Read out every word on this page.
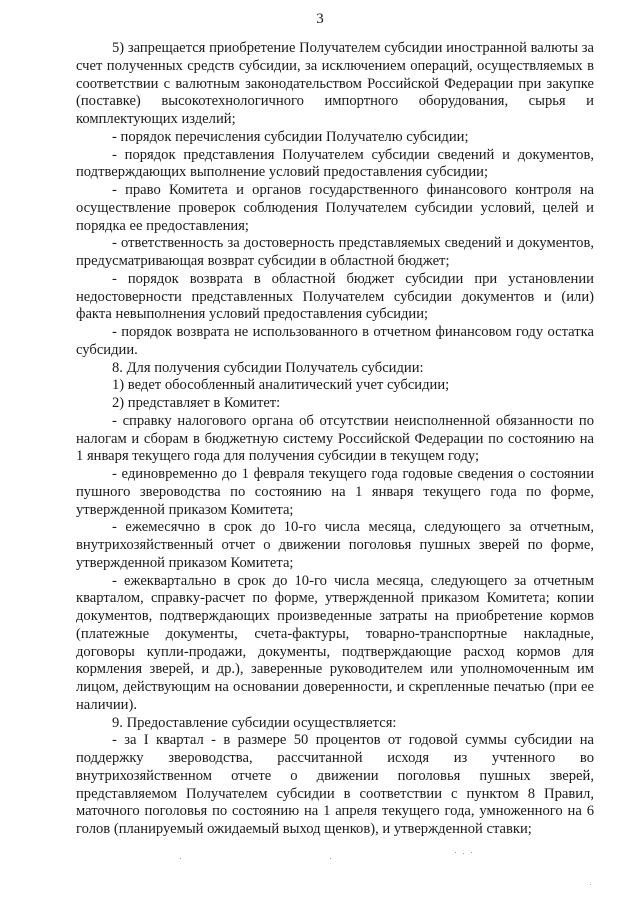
3

5) запрещается приобретение Получателем субсидии иностранной валюты за счет полученных средств субсидии, за исключением операций, осуществляемых в соответствии с валютным законодательством Российской Федерации при закупке (поставке) высокотехнологичного импортного оборудования, сырья и комплектующих изделий;

- порядок перечисления субсидии Получателю субсидии;

- порядок представления Получателем субсидии сведений и документов, подтверждающих выполнение условий предоставления субсидии;

- право Комитета и органов государственного финансового контроля на осуществление проверок соблюдения Получателем субсидии условий, целей и порядка ее предоставления;

- ответственность за достоверность представляемых сведений и документов, предусматривающая возврат субсидии в областной бюджет;

- порядок возврата в областной бюджет субсидии при установлении недостоверности представленных Получателем субсидии документов и (или) факта невыполнения условий предоставления субсидии;

- порядок возврата не использованного в отчетном финансовом году остатка субсидии.

8. Для получения субсидии Получатель субсидии:

1) ведет обособленный аналитический учет субсидии;

2) представляет в Комитет:

- справку налогового органа об отсутствии неисполненной обязанности по налогам и сборам в бюджетную систему Российской Федерации по состоянию на 1 января текущего года для получения субсидии в текущем году;

- единовременно до 1 февраля текущего года годовые сведения о состоянии пушного звероводства по состоянию на 1 января текущего года по форме, утвержденной приказом Комитета;

- ежемесячно в срок до 10-го числа месяца, следующего за отчетным, внутрихозяйственный отчет о движении поголовья пушных зверей по форме, утвержденной приказом Комитета;

- ежеквартально в срок до 10-го числа месяца, следующего за отчетным кварталом, справку-расчет по форме, утвержденной приказом Комитета; копии документов, подтверждающих произведенные затраты на приобретение кормов (платежные документы, счета-фактуры, товарно-транспортные накладные, договоры купли-продажи, документы, подтверждающие расход кормов для кормления зверей, и др.), заверенные руководителем или уполномоченным им лицом, действующим на основании доверенности, и скрепленные печатью (при ее наличии).

9. Предоставление субсидии осуществляется:

- за I квартал - в размере 50 процентов от годовой суммы субсидии на поддержку звероводства, рассчитанной исходя из учтенного во внутрихозяйственном отчете о движении поголовья пушных зверей, представляемом Получателем субсидии в соответствии с пунктом 8 Правил, маточного поголовья по состоянию на 1 апреля текущего года, умноженного на 6 голов (планируемый ожидаемый выход щенков), и утвержденной ставки;
